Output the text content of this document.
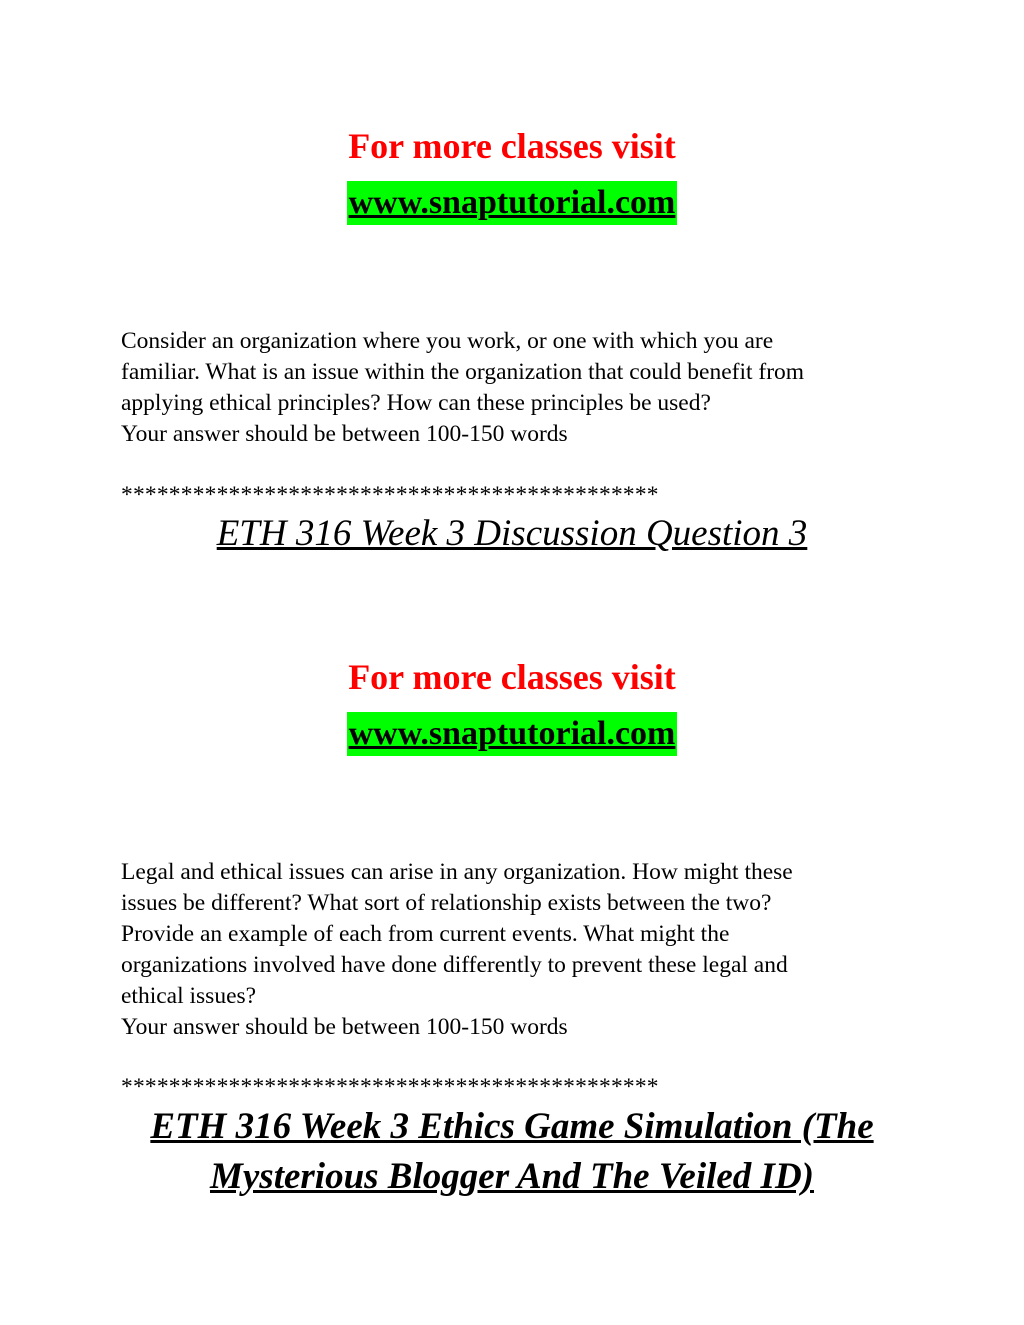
For more classes visit
www.snaptutorial.com

Consider an organization where you work, or one with which you are

familiar. What is an issue within the organization that could benefit from

applying ethical principles? How can these principles be used?

Your answer should be between 100-150 words

*********************************************
ETH 316 Week 3 Discussion Question 3
For more classes visit
www.snaptutorial.com

Legal and ethical issues can arise in any organization. How might these

issues be different? What sort of relationship exists between the two?

Provide an example of each from current events. What might the

organizations involved have done differently to prevent these legal and

ethical issues?

Your answer should be between 100-150 words

*********************************************
ETH 316 Week 3 Ethics Game Simulation (The
Mysterious Blogger And The Veiled ID)
